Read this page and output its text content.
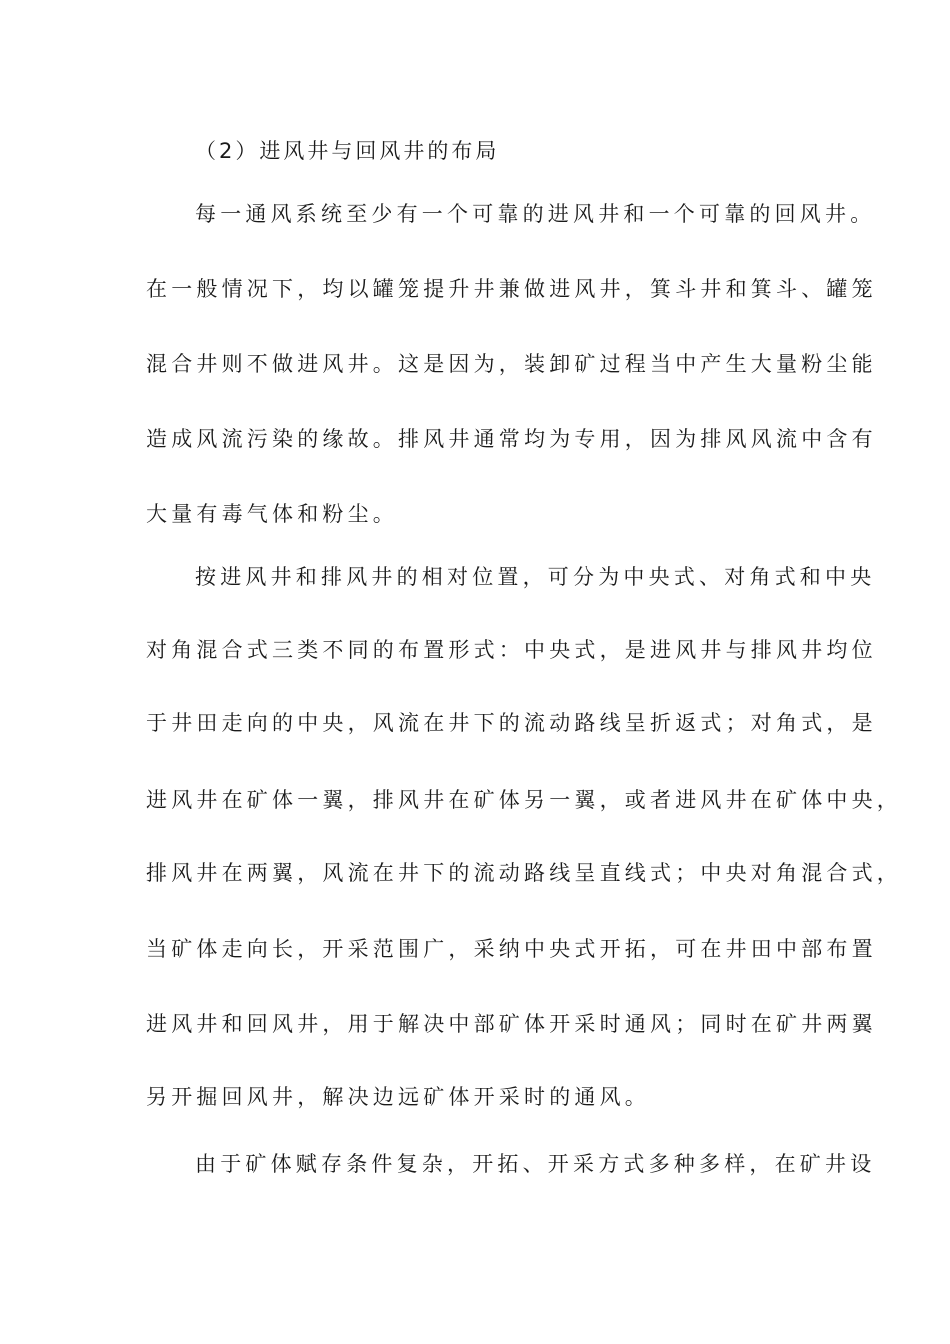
（2）进风井与回风井的布局
每一通风系统至少有一个可靠的进风井和一个可靠的回风井。
在一般情况下，均以罐笼提升井兼做进风井，箕斗井和箕斗、罐笼
混合井则不做进风井。这是因为，装卸矿过程当中产生大量粉尘能
造成风流污染的缘故。排风井通常均为专用，因为排风风流中含有
大量有毒气体和粉尘。
按进风井和排风井的相对位置，可分为中央式、对角式和中央
对角混合式三类不同的布置形式：中央式，是进风井与排风井均位
于井田走向的中央，风流在井下的流动路线呈折返式；对角式，是
进风井在矿体一翼，排风井在矿体另一翼，或者进风井在矿体中央，
排风井在两翼，风流在井下的流动路线呈直线式；中央对角混合式，
当矿体走向长，开采范围广，采纳中央式开拓，可在井田中部布置
进风井和回风井，用于解决中部矿体开采时通风；同时在矿井两翼
另开掘回风井，解决边远矿体开采时的通风。
由于矿体赋存条件复杂，开拓、开采方式多种多样，在矿井设
